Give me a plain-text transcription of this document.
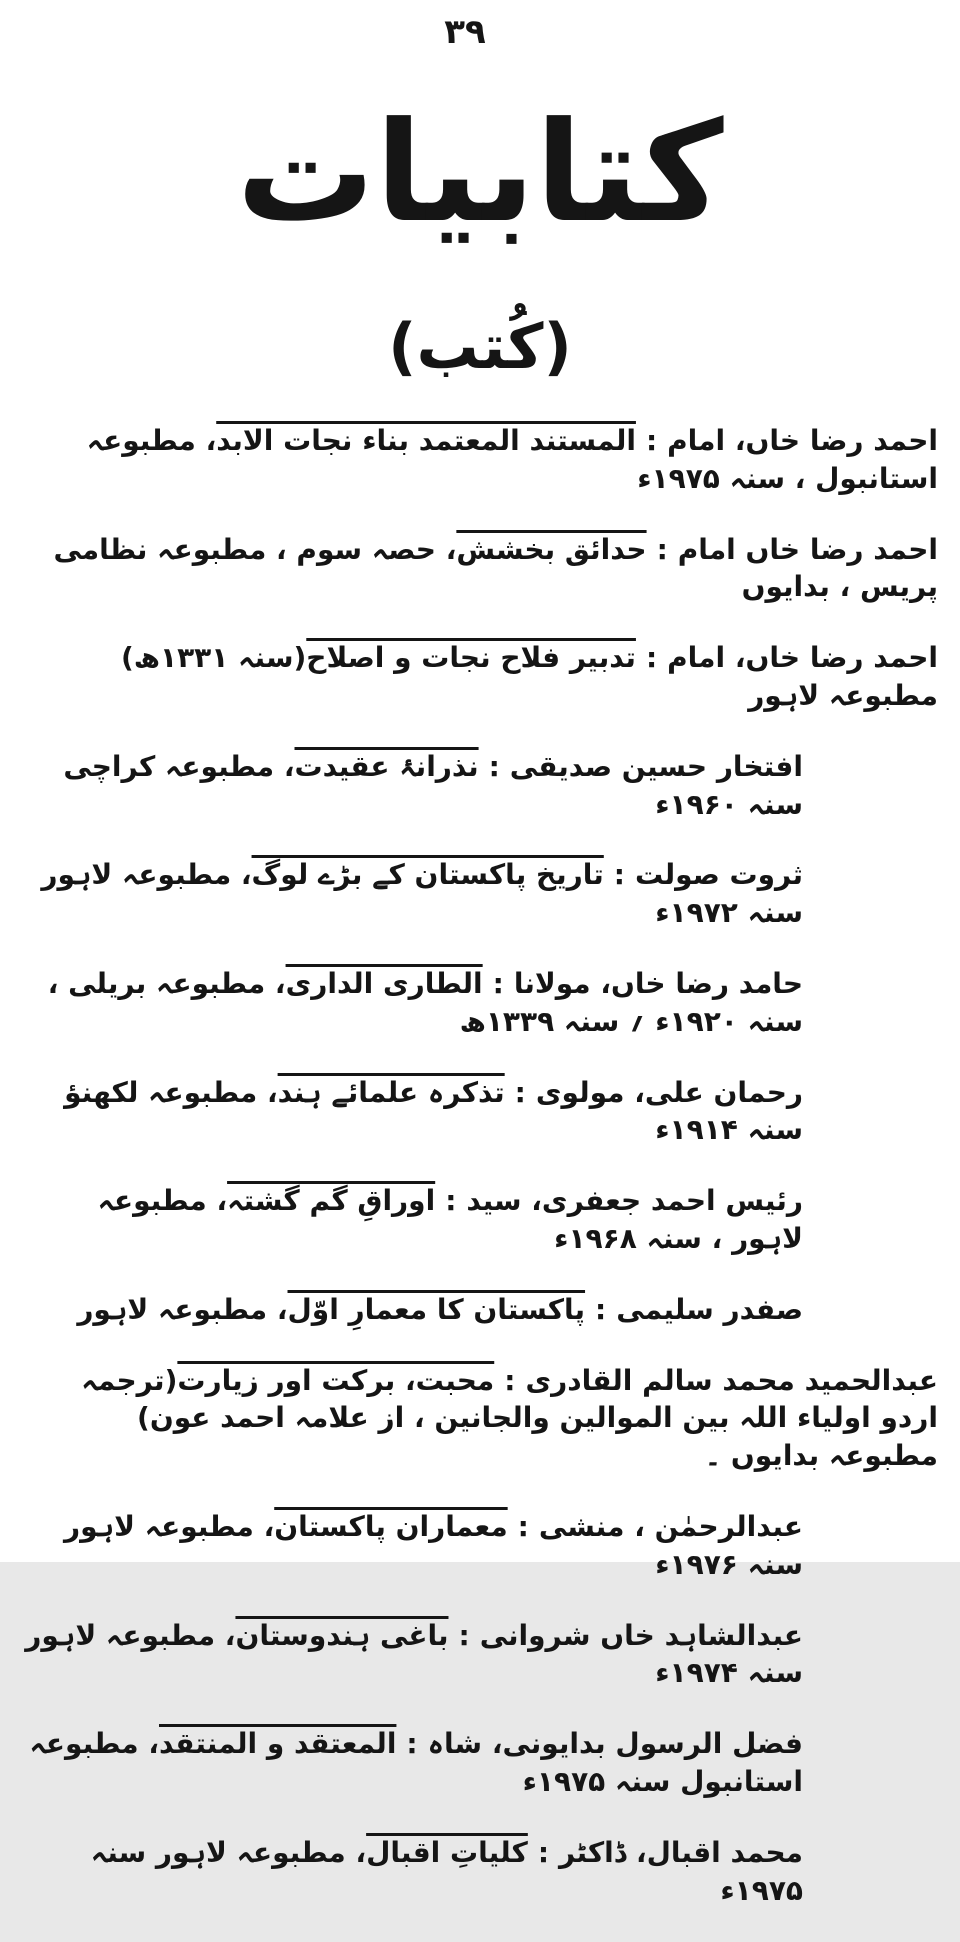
۳۹
کتابیات
(کُتب)
احمد رضا خاں، امام:المستند المعتمد بناء نجات الابد، مطبوعہ استانبول ، سنہ ۱۹۷۵ء
احمد رضا خاں امام:حدائق بخشش، حصہ سوم ، مطبوعہ نظامی پریس ، بدایوں
احمد رضا خاں، امام:تدبیر فلاح نجات و اصلاح(سنہ ۱۳۳۱ھ) مطبوعہ لاہور
افتخار حسین صدیقی:نذرانۂ عقیدت، مطبوعہ کراچی سنہ ۱۹۶۰ء
ثروت صولت:تاریخ پاکستان کے بڑے لوگ، مطبوعہ لاہور سنہ ۱۹۷۲ء
حامد رضا خاں، مولانا:الطاری الداری، مطبوعہ بریلی ، سنہ ۱۹۲۰ء ؍ سنہ ۱۳۳۹ھ
رحمان علی، مولوی:تذکرہ علمائے ہند، مطبوعہ لکھنؤ سنہ ۱۹۱۴ء
رئیس احمد جعفری، سید:اوراقِ گم گشتہ، مطبوعہ لاہور ، سنہ ۱۹۶۸ء
صفدر سلیمی:پاکستان کا معمارِ اوّل، مطبوعہ لاہور
عبدالحمید محمد سالم القادری:محبت، برکت اور زیارت(ترجمہ اردو اولیاء اللہ بین الموالین والجانین ، از علامہ احمد عون) مطبوعہ بدایوں ۔
عبدالرحمٰن ، منشی:معماران پاکستان، مطبوعہ لاہور سنہ ۱۹۷۶ء
عبدالشاہد خاں شروانی:باغی ہندوستان، مطبوعہ لاہور سنہ ۱۹۷۴ء
فضل الرسول بدایونی، شاہ:المعتقد و المنتقد، مطبوعہ استانبول سنہ ۱۹۷۵ء
محمد اقبال، ڈاکٹر:کلیاتِ اقبال، مطبوعہ لاہور سنہ ۱۹۷۵ء
